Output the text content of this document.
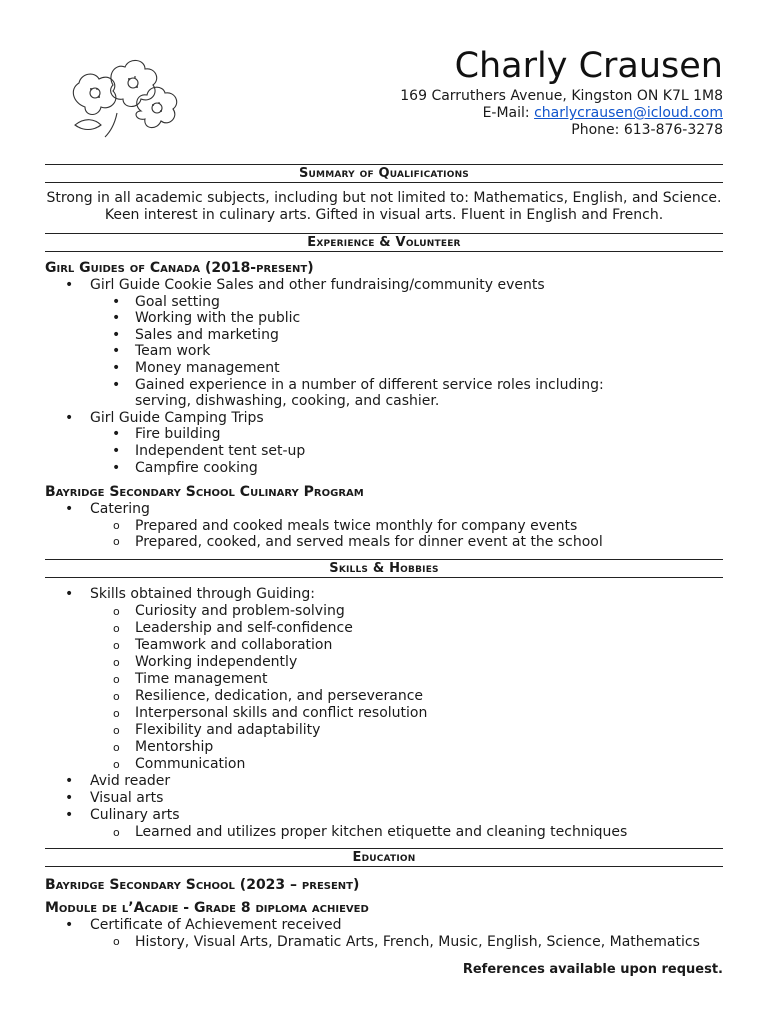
Charly Crausen
169 Carruthers Avenue, Kingston ON K7L 1M8
E-Mail: charlycrausen@icloud.com
Phone: 613-876-3278
Summary of Qualifications
Strong in all academic subjects, including but not limited to: Mathematics, English, and Science.
Keen interest in culinary arts. Gifted in visual arts. Fluent in English and French.
Experience & Volunteer
Girl Guides of Canada (2018-present)
• Girl Guide Cookie Sales and other fundraising/community events
• Goal setting
• Working with the public
• Sales and marketing
• Team work
• Money management
• Gained experience in a number of different service roles including:
serving, dishwashing, cooking, and cashier.
• Girl Guide Camping Trips
• Fire building
• Independent tent set-up
• Campfire cooking
Bayridge Secondary School Culinary Program
• Catering
o Prepared and cooked meals twice monthly for company events
o Prepared, cooked, and served meals for dinner event at the school
Skills & Hobbies
• Skills obtained through Guiding:
o Curiosity and problem-solving
o Leadership and self-confidence
o Teamwork and collaboration
o Working independently
o Time management
o Resilience, dedication, and perseverance
o Interpersonal skills and conflict resolution
o Flexibility and adaptability
o Mentorship
o Communication
• Avid reader
• Visual arts
• Culinary arts
o Learned and utilizes proper kitchen etiquette and cleaning techniques
Education
Bayridge Secondary School (2023 – present)
Module de l’Acadie - Grade 8 diploma achieved
• Certificate of Achievement received
o History, Visual Arts, Dramatic Arts, French, Music, English, Science, Mathematics
References available upon request.
